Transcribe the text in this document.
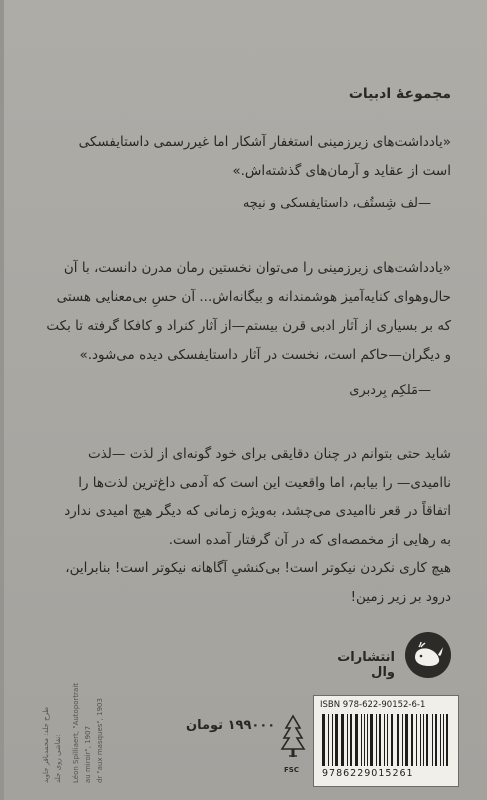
مجموعهٔ ادبیات
«یادداشت‌های زیرزمینی استغفار آشکار اما غیررسمی داستایفسکی
است از عقاید و آرمان‌های گذشته‌اش.»
—لف شِستُف، داستایفسکی و نیچه
«یادداشت‌های زیرزمینی را می‌توان نخستین رمان مدرن دانست، با آن
حال‌وهوای کنایه‌آمیز هوشمندانه و بیگانه‌اش... آن حسِ بی‌معنایی هستی
که بر بسیاری از آثار ادبی قرن بیستم—از آثار کنراد و کافکا گرفته تا بکت
و دیگران—حاکم است، نخست در آثار داستایفسکی دیده می‌شود.»
—مَلکِم بِردبری

شاید حتی بتوانم در چنان دقایقی برای خود گونه‌ای از لذت —لذت

ناامیدی— را بیابم، اما واقعیت این است که آدمی داغ‌ترین لذت‌ها را

اتفاقاً در قعر ناامیدی می‌چشد، به‌ویژه زمانی که دیگر هیچ امیدی ندارد

به رهایی از مخمصه‌ای که در آن گرفتار آمده است.

هیچ کاری نکردن نیکوتر است! بی‌کنشیِ آگاهانه نیکوتر است! بنابراین،

درود بر زیر زمین!

انتشارات وال
طرح جلد: محمدباقر جاوید نقاشی روی جلد: Léon Spilliaert, "Autoportrait au miroir", 1907 dr "aux masques", 1903	۱۹۹۰۰۰ تومان
FSC
ISBN 978-622-90152-6-1
9786229015261
